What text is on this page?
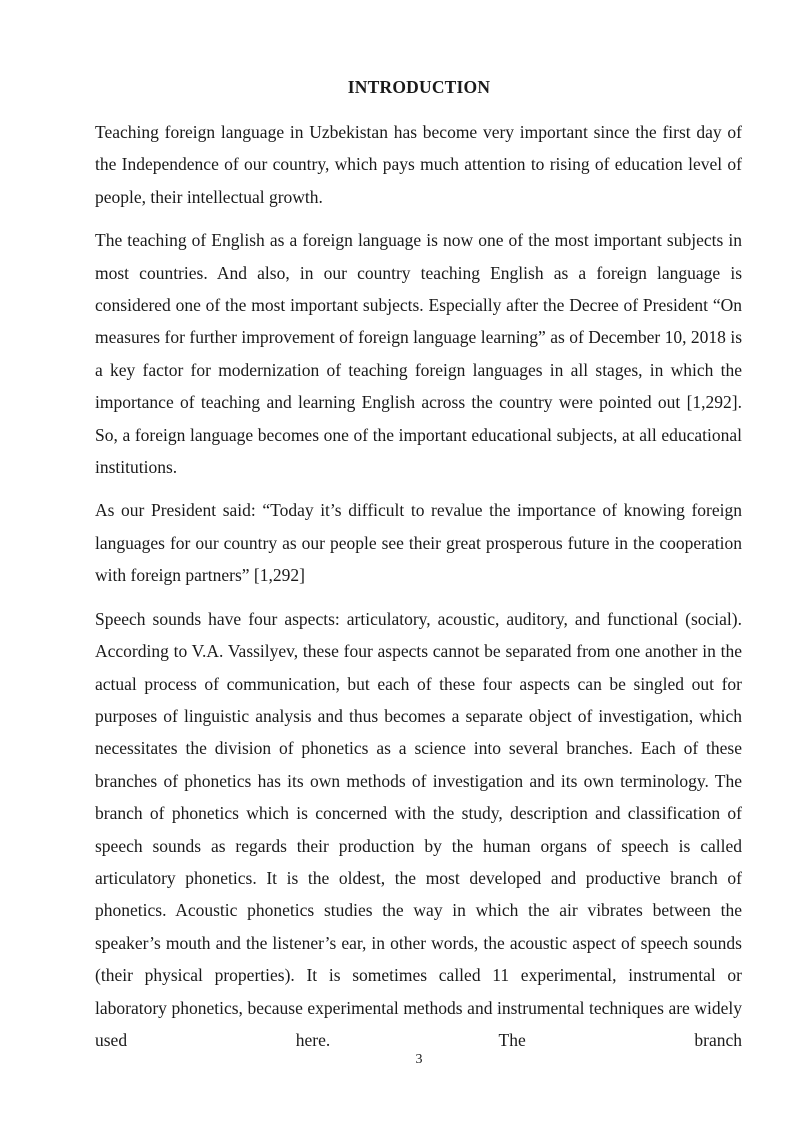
INTRODUCTION

Teaching foreign language in Uzbekistan has become very important since the first day of the Independence of our country, which pays much attention to rising of education level of people, their intellectual growth.

The teaching of English as a foreign language is now one of the most important subjects in most countries. And also, in our country teaching English as a foreign language is considered one of the most important subjects. Especially after the Decree of President “On measures for further improvement of foreign language learning” as of December 10, 2018 is a key factor for modernization of teaching foreign languages in all stages, in which the importance of teaching and learning English across the country were pointed out [1,292]. So, a foreign language becomes one of the important educational subjects, at all educational institutions.

As our President said: “Today it’s difficult to revalue the importance of knowing foreign languages for our country as our people see their great prosperous future in the cooperation with foreign partners” [1,292]

Speech sounds have four aspects: articulatory, acoustic, auditory, and functional (social). According to V.A. Vassilyev, these four aspects cannot be separated from one another in the actual process of communication, but each of these four aspects can be singled out for purposes of linguistic analysis and thus becomes a separate object of investigation, which necessitates the division of phonetics as a science into several branches. Each of these branches of phonetics has its own methods of investigation and its own terminology. The branch of phonetics which is concerned with the study, description and classification of speech sounds as regards their production by the human organs of speech is called articulatory phonetics. It is the oldest, the most developed and productive branch of phonetics. Acoustic phonetics studies the way in which the air vibrates between the speaker’s mouth and the listener’s ear, in other words, the acoustic aspect of speech sounds (their physical properties). It is sometimes called 11 experimental, instrumental or laboratory phonetics, because experimental methods and instrumental techniques are widely used here. The branch

3
